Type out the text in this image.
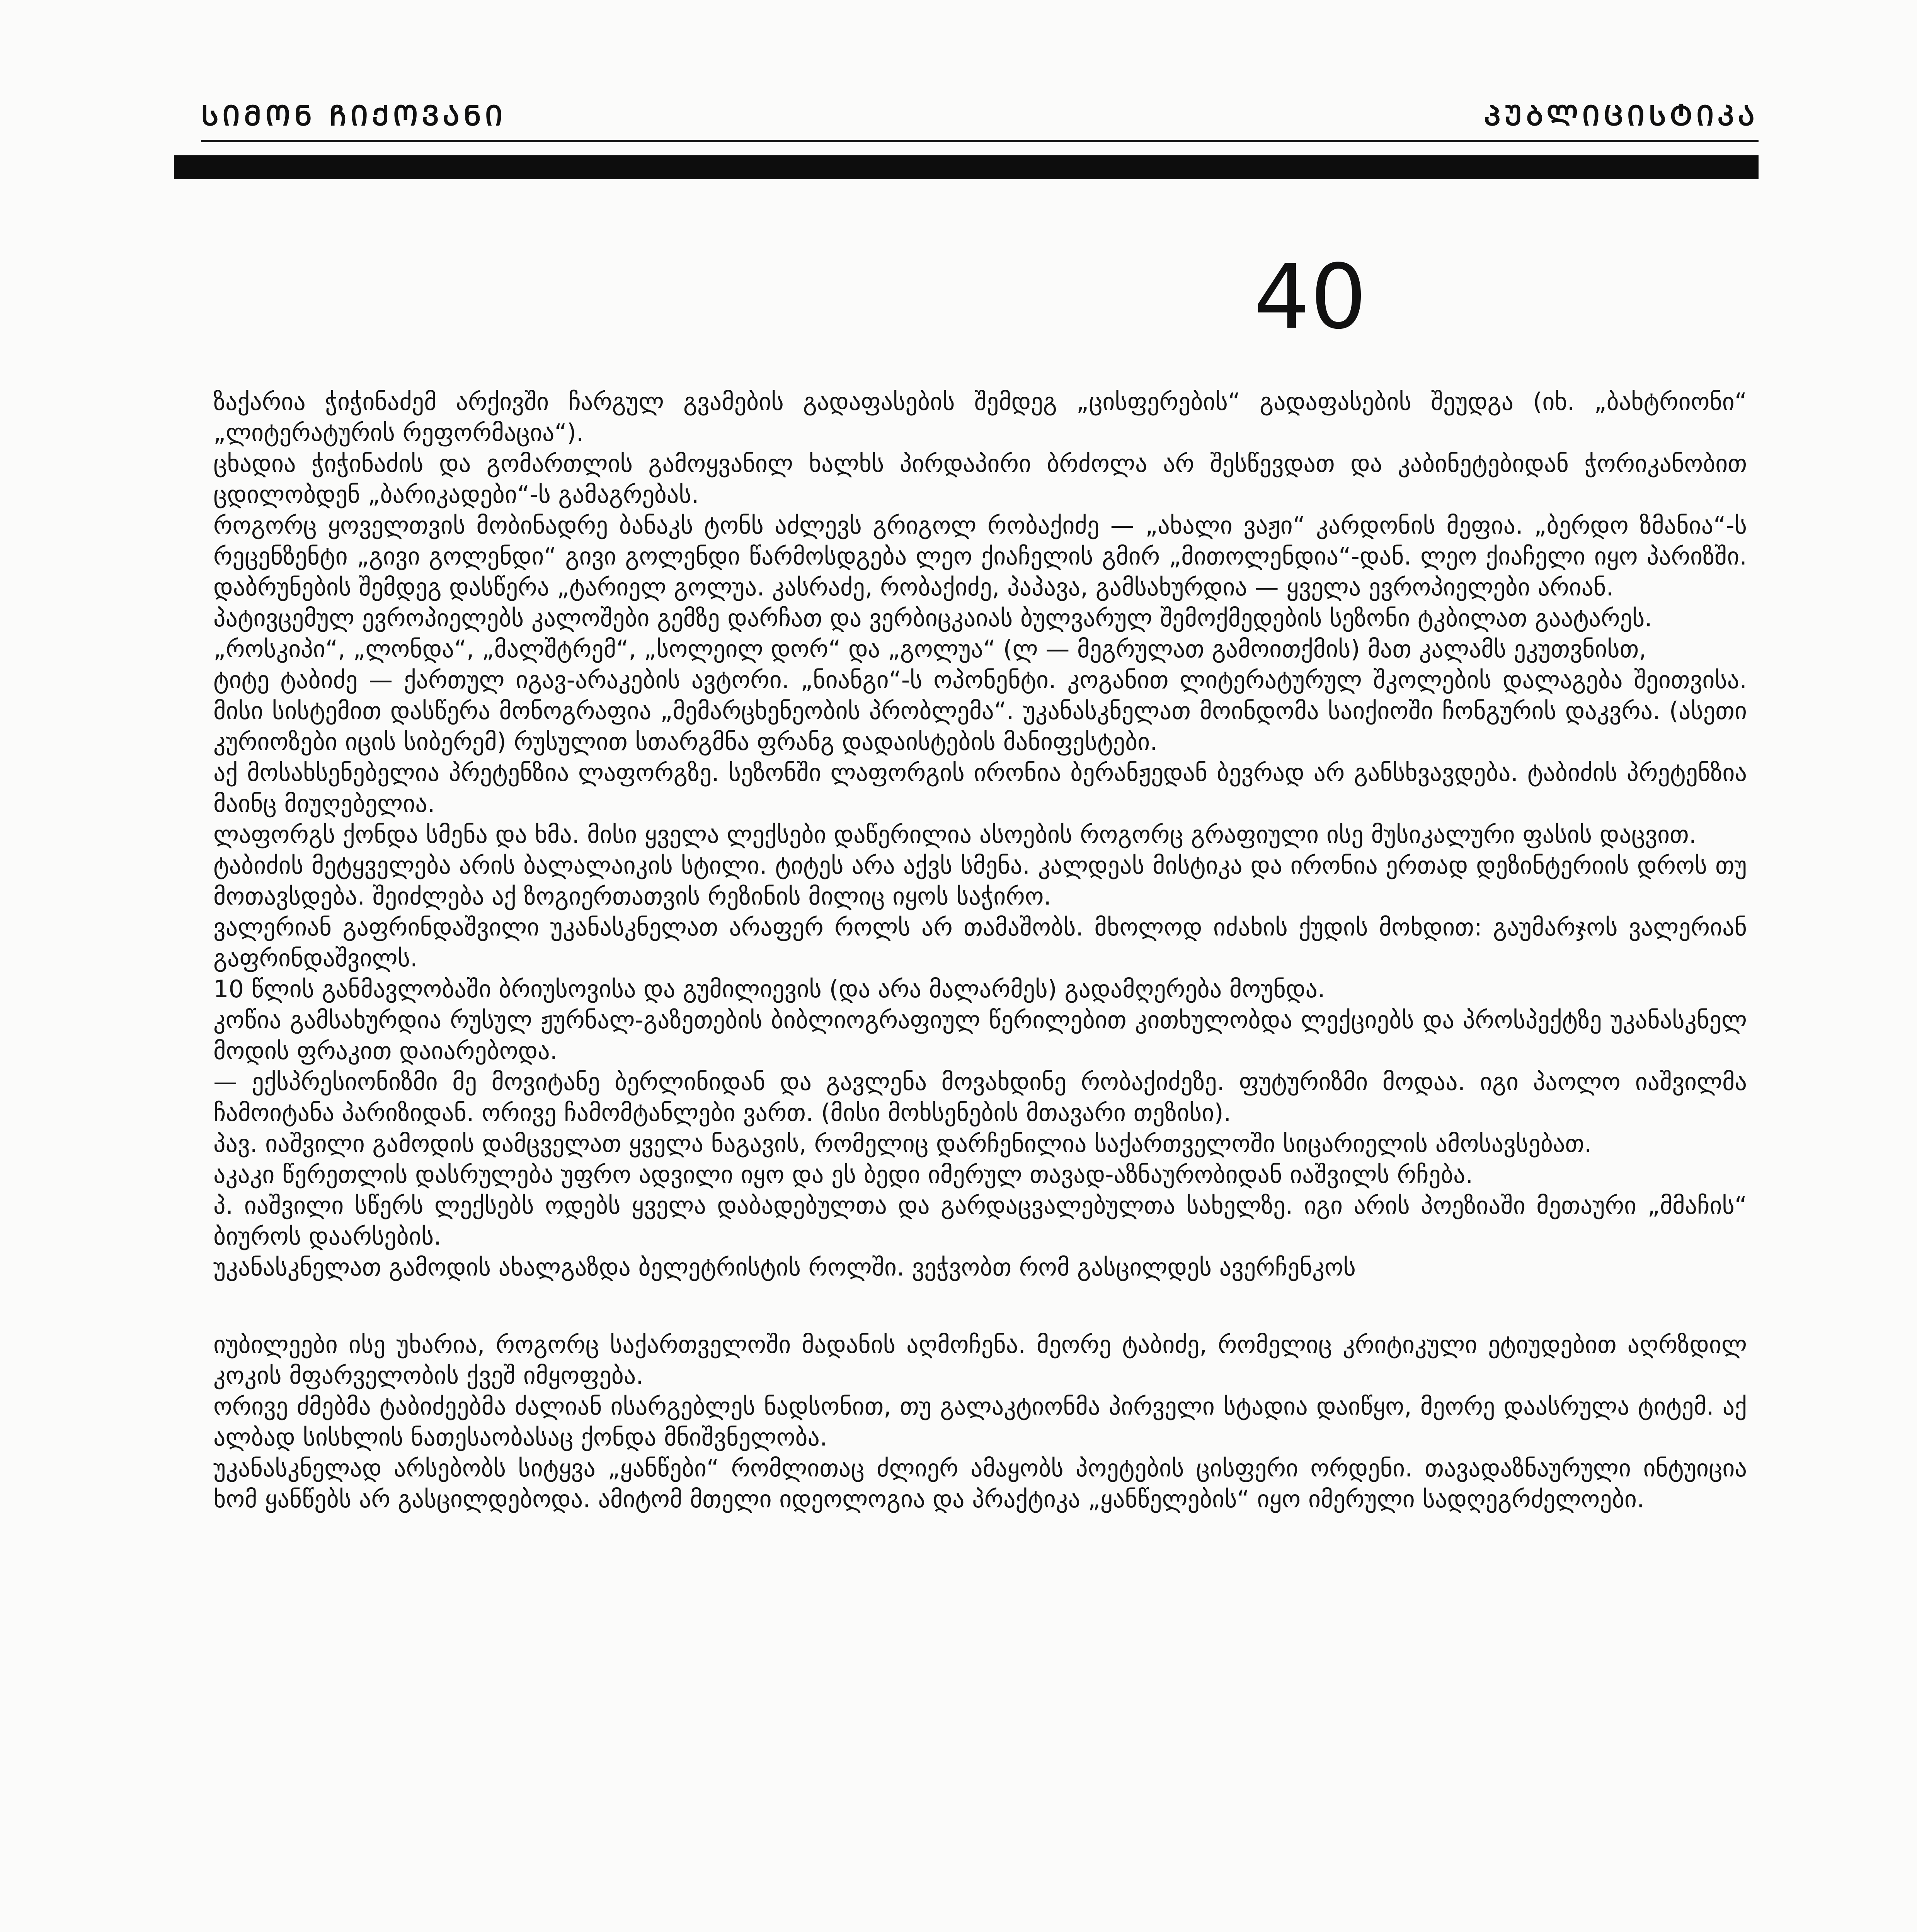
ᲡᲘᲛᲝᲜ ᲩᲘᲥᲝᲕᲐᲜᲘ	ᲞᲣᲑᲚᲘᲪᲘᲡᲢᲘᲙᲐ
40

ზაქარია ჭიჭინაძემ არქივში ჩარგულ გვამების გადაფასების შემდეგ „ცისფერების“ გადაფასების შეუდგა (იხ. „ბახტრიონი“ „ლიტერატურის რეფორმაცია“).

ცხადია ჭიჭინაძის და გომართლის გამოყვანილ ხალხს პირდაპირი ბრძოლა არ შესწევდათ და კაბინეტებიდან ჭორიკანობით ცდილობდენ „ბარიკადები“-ს გამაგრებას.

როგორც ყოველთვის მობინადრე ბანაკს ტონს აძლევს გრიგოლ რობაქიძე — „ახალი ვაჟი“ კარდონის მეფია. „ბერდო ზმანია“-ს რეცენზენტი „გივი გოლენდი“ გივი გოლენდი წარმოსდგება ლეო ქიაჩელის გმირ „მითოლენდია“-დან. ლეო ქიაჩელი იყო პარიზში. დაბრუნების შემდეგ დასწერა „ტარიელ გოლუა. კასრაძე, რობაქიძე, პაპავა, გამსახურდია — ყველა ევროპიელები არიან.

პატივცემულ ევროპიელებს კალოშები გემზე დარჩათ და ვერბიცკაიას ბულვარულ შემოქმედების სეზონი ტკბილათ გაატარეს.

„როსკიპი“, „ლონდა“, „მალშტრემ“, „სოლეილ დორ“ და „გოლუა“ (ლ — მეგრულათ გამოითქმის) მათ კალამს ეკუთვნისთ,

ტიტე ტაბიძე — ქართულ იგავ-არაკების ავტორი. „ნიანგი“-ს ოპონენტი. კოგანით ლიტერატურულ შკოლების დალაგება შეითვისა. მისი სისტემით დასწერა მონოგრაფია „მემარცხენეობის პრობლემა“. უკანასკნელათ მოინდომა საიქიოში ჩონგურის დაკვრა. (ასეთი კურიოზები იცის სიბერემ) რუსულით სთარგმნა ფრანგ დადაისტების მანიფესტები.

აქ მოსახსენებელია პრეტენზია ლაფორგზე. სეზონში ლაფორგის ირონია ბერანჟედან ბევრად არ განსხვავდება. ტაბიძის პრეტენზია მაინც მიუღებელია.

ლაფორგს ქონდა სმენა და ხმა. მისი ყველა ლექსები დაწერილია ასოების როგორც გრაფიული ისე მუსიკალური ფასის დაცვით.

ტაბიძის მეტყველება არის ბალალაიკის სტილი. ტიტეს არა აქვს სმენა. კალდეას მისტიკა და ირონია ერთად დეზინტერიის დროს თუ მოთავსდება. შეიძლება აქ ზოგიერთათვის რეზინის მილიც იყოს საჭირო.

ვალერიან გაფრინდაშვილი უკანასკნელათ არაფერ როლს არ თამაშობს. მხოლოდ იძახის ქუდის მოხდით: გაუმარჯოს ვალერიან გაფრინდაშვილს.

10 წლის განმავლობაში ბრიუსოვისა და გუმილიევის (და არა მალარმეს) გადამღერება მოუნდა.

კოწია გამსახურდია რუსულ ჟურნალ-გაზეთების ბიბლიოგრაფიულ წერილებით კითხულობდა ლექციებს და პროსპექტზე უკანასკნელ მოდის ფრაკით დაიარებოდა.

— ექსპრესიონიზმი მე მოვიტანე ბერლინიდან და გავლენა მოვახდინე რობაქიძეზე. ფუტურიზმი მოდაა. იგი პაოლო იაშვილმა ჩამოიტანა პარიზიდან. ორივე ჩამომტანლები ვართ. (მისი მოხსენების მთავარი თეზისი).

პავ. იაშვილი გამოდის დამცველათ ყველა ნაგავის, რომელიც დარჩენილია საქართველოში სიცარიელის ამოსავსებათ.

აკაკი წერეთლის დასრულება უფრო ადვილი იყო და ეს ბედი იმერულ თავად-აზნაურობიდან იაშვილს რჩება.

პ. იაშვილი სწერს ლექსებს ოდებს ყველა დაბადებულთა და გარდაცვალებულთა სახელზე. იგი არის პოეზიაში მეთაური „მმაჩის“ ბიუროს დაარსების.

უკანასკნელათ გამოდის ახალგაზდა ბელეტრისტის როლში. ვეჭვობთ რომ გასცილდეს ავერჩენკოს

იუბილეები ისე უხარია, როგორც საქართველოში მადანის აღმოჩენა. მეორე ტაბიძე, რომელიც კრიტიკული ეტიუდებით აღრზდილ კოკის მფარველობის ქვეშ იმყოფება.

ორივე ძმებმა ტაბიძეებმა ძალიან ისარგებლეს ნადსონით, თუ გალაკტიონმა პირველი სტადია დაიწყო, მეორე დაასრულა ტიტემ. აქ ალბად სისხლის ნათესაობასაც ქონდა მნიშვნელობა.

უკანასკნელად არსებობს სიტყვა „ყანწები“ რომლითაც ძლიერ ამაყობს პოეტების ცისფერი ორდენი. თავადაზნაურული ინტუიცია ხომ ყანწებს არ გასცილდებოდა. ამიტომ მთელი იდეოლოგია და პრაქტიკა „ყანწელების“ იყო იმერული სადღეგრძელოები.
